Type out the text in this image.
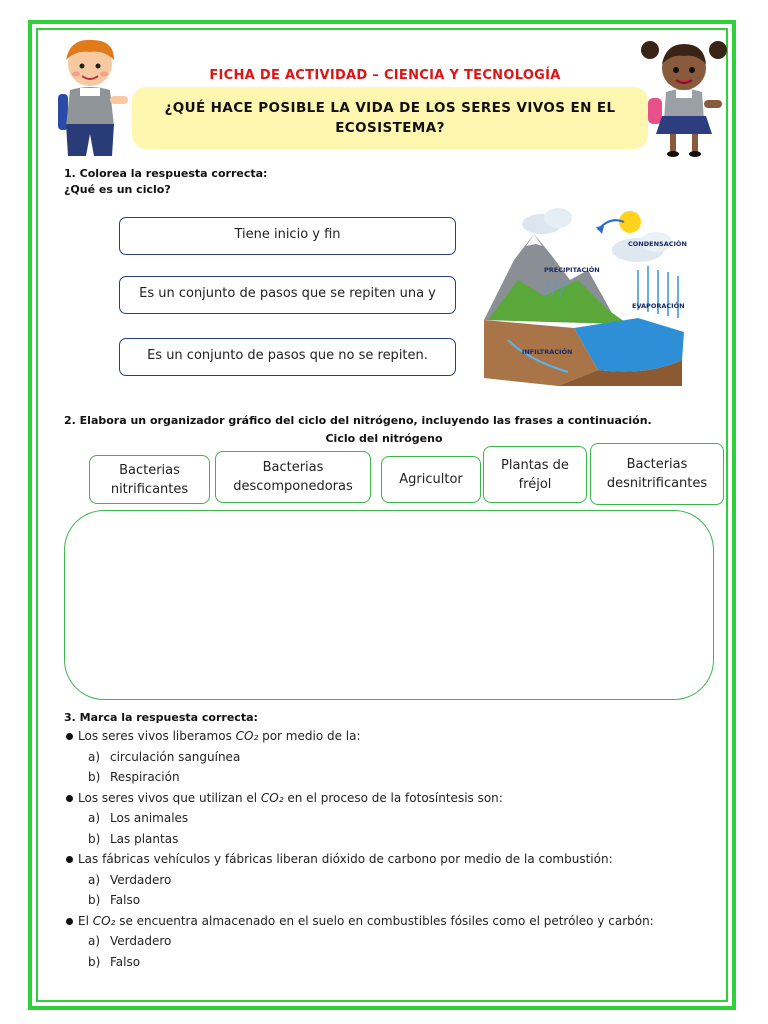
FICHA DE ACTIVIDAD – CIENCIA Y TECNOLOGÍA
¿QUÉ HACE POSIBLE LA VIDA DE LOS SERES VIVOS EN EL
ECOSISTEMA?
1. Colorea la respuesta correcta:
¿Qué es un ciclo?
Tiene inicio y fin
Es un conjunto de pasos que se repiten una y
Es un conjunto de pasos que no se repiten.
CONDENSACIÓN
PRECIPITACIÓN
EVAPORACIÓN
INFILTRACIÓN
2. Elabora un organizador gráfico del ciclo del nitrógeno, incluyendo las frases a continuación.
Ciclo del nitrógeno
Bacterias
nitrificantes
Bacterias
descomponedoras	Agricultor
Plantas de
fréjol
Bacterias
desnitrificantes
3. Marca la respuesta correcta:
Los seres vivos liberamos CO₂ por medio de la:
a) circulación sanguínea
b) Respiración
Los seres vivos que utilizan el CO₂ en el proceso de la fotosíntesis son:
a) Los animales
b) Las plantas
Las fábricas vehículos y fábricas liberan dióxido de carbono por medio de la combustión:
a) Verdadero
b) Falso
El CO₂ se encuentra almacenado en el suelo en combustibles fósiles como el petróleo y carbón:
a) Verdadero
b) Falso
